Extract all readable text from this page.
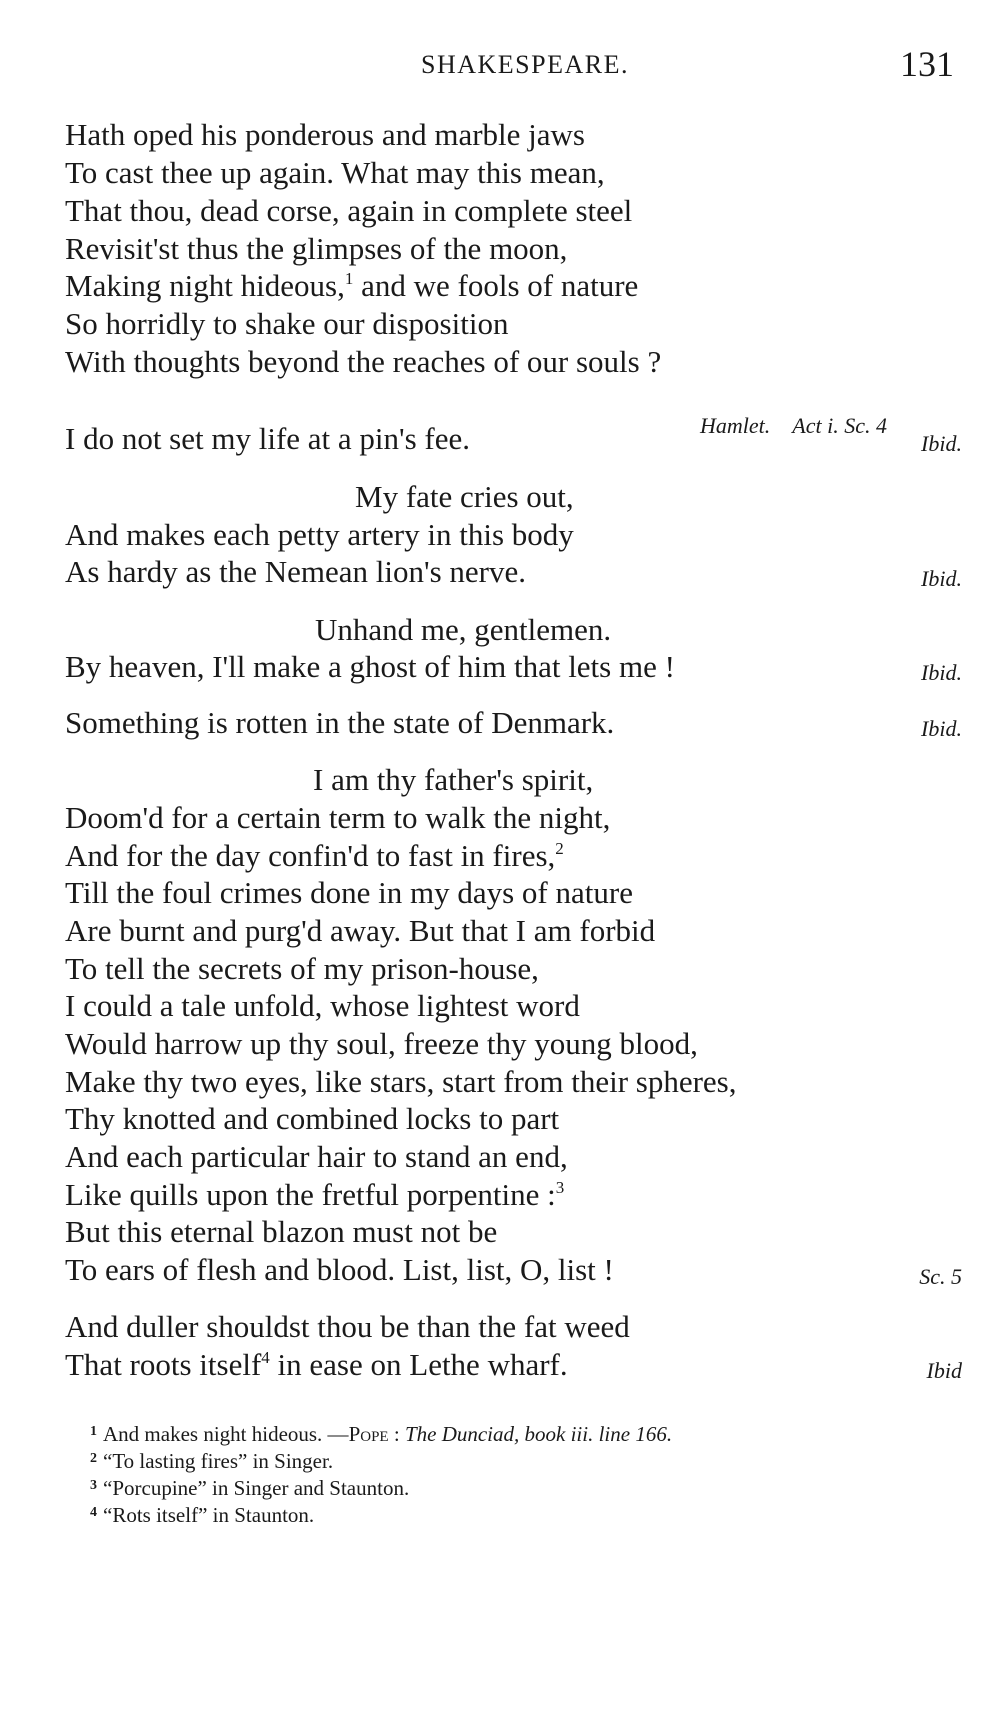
SHAKESPEARE.	131
Hath oped his ponderous and marble jaws
To cast thee up again. What may this mean,
That thou, dead corse, again in complete steel
Revisit'st thus the glimpses of the moon,
Making night hideous,$^1$ and we fools of nature
So horridly to shake our disposition
With thoughts beyond the reaches of our souls ?
Hamlet. Act i. Sc. 4
I do not set my life at a pin's fee.	Ibid.
My fate cries out,
And makes each petty artery in this body
As hardy as the Nemean lion's nerve.	Ibid.
Unhand me, gentlemen.
By heaven, I'll make a ghost of him that lets me !	Ibid.
Something is rotten in the state of Denmark.	Ibid.
I am thy father's spirit,
Doom'd for a certain term to walk the night,
And for the day confin'd to fast in fires,$^2$
Till the foul crimes done in my days of nature
Are burnt and purg'd away. But that I am forbid
To tell the secrets of my prison-house,
I could a tale unfold, whose lightest word
Would harrow up thy soul, freeze thy young blood,
Make thy two eyes, like stars, start from their spheres,
Thy knotted and combined locks to part
And each particular hair to stand an end,
Like quills upon the fretful porpentine :$^3$
But this eternal blazon must not be
To ears of flesh and blood. List, list, O, list !	Sc. 5
And duller shouldst thou be than the fat weed
That roots itself$^4$ in ease on Lethe wharf.	Ibid
$^1$ And makes night hideous. —Pope : The Dunciad, book iii. line 166.
$^2$ “To lasting fires” in Singer.
$^3$ “Porcupine” in Singer and Staunton.
$^4$ “Rots itself” in Staunton.
